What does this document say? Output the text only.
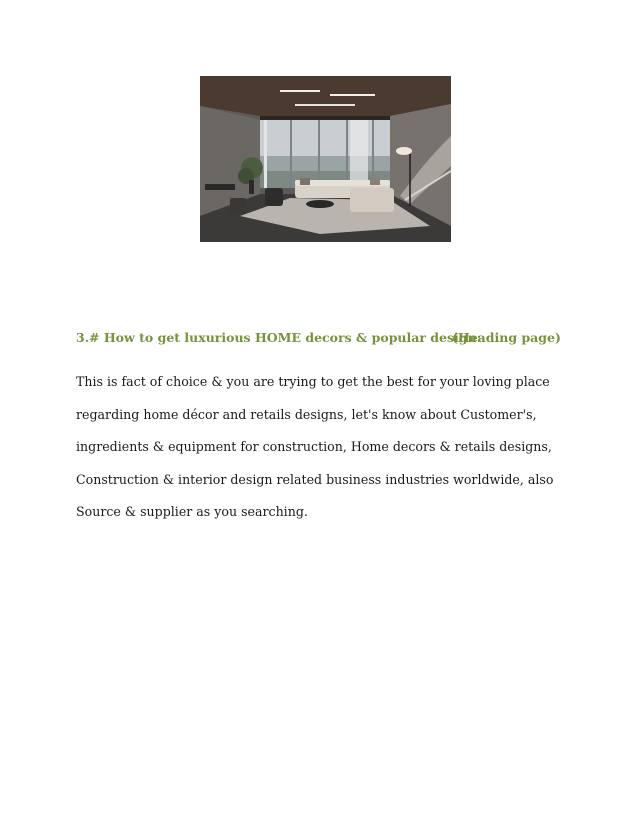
3.# How to get luxurious HOME decors & popular design:
(Heading page)
This is fact of choice & you are trying to get the best for your loving place
regarding home décor and retails designs, let's know about Customer's,
ingredients & equipment for construction, Home decors & retails designs,
Construction & interior design related business industries worldwide, also
Source & supplier as you searching.
